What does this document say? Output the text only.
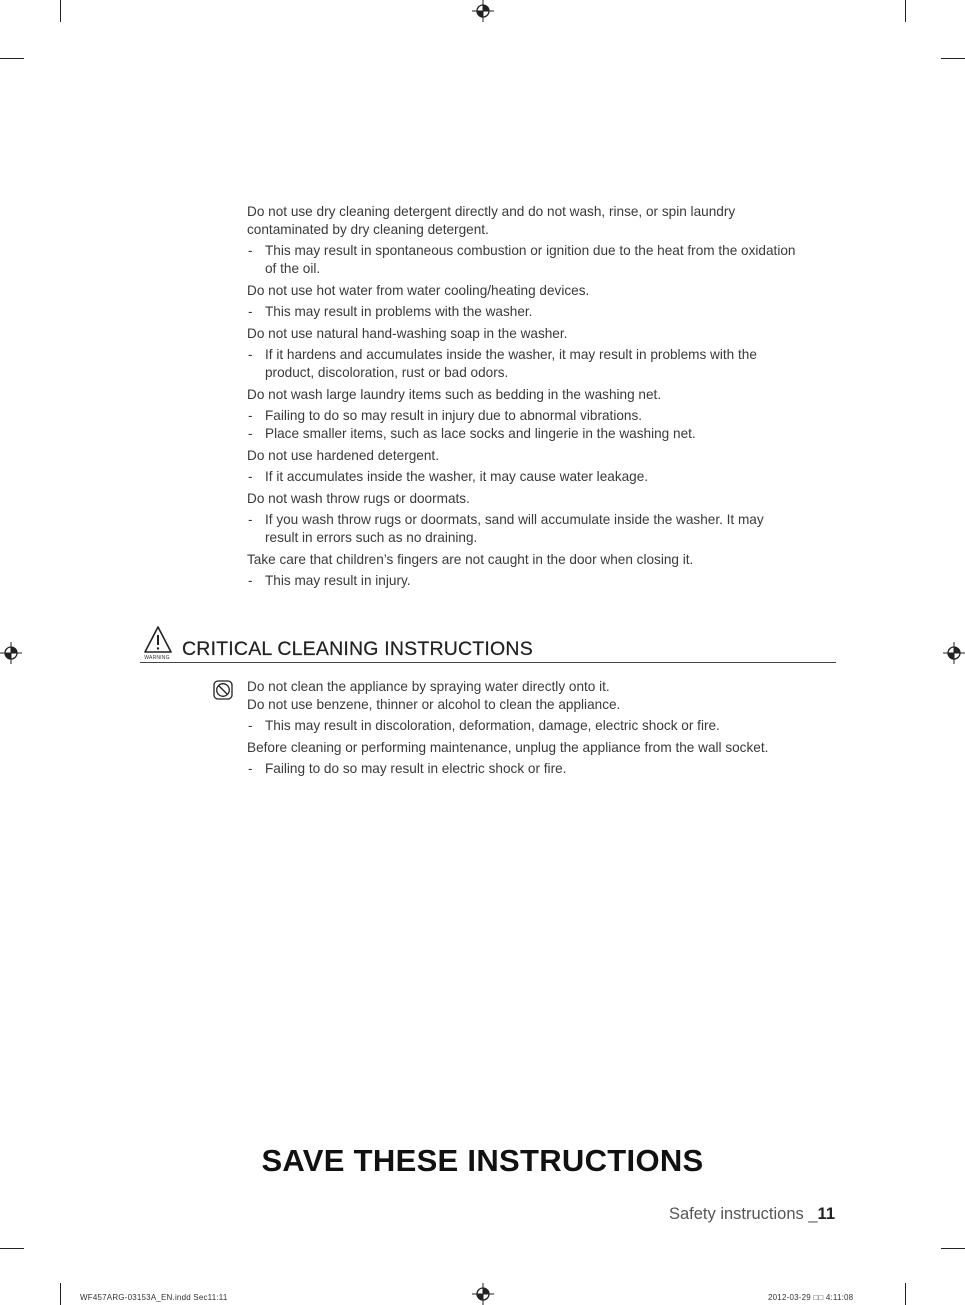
Do not use dry cleaning detergent directly and do not wash, rinse, or spin laundry

contaminated by dry cleaning detergent.

- This may result in spontaneous combustion or ignition due to the heat from the oxidation

of the oil.

Do not use hot water from water cooling/heating devices.

- This may result in problems with the washer.

Do not use natural hand-washing soap in the washer.

- If it hardens and accumulates inside the washer, it may result in problems with the

product, discoloration, rust or bad odors.

Do not wash large laundry items such as bedding in the washing net.

- Failing to do so may result in injury due to abnormal vibrations.

- Place smaller items, such as lace socks and lingerie in the washing net.

Do not use hardened detergent.

- If it accumulates inside the washer, it may cause water leakage.

Do not wash throw rugs or doormats.

- If you wash throw rugs or doormats, sand will accumulate inside the washer. It may

result in errors such as no draining.

Take care that children’s fingers are not caught in the door when closing it.

- This may result in injury.

WARNING CRITICAL CLEANING INSTRUCTIONS

Do not clean the appliance by spraying water directly onto it.

Do not use benzene, thinner or alcohol to clean the appliance.

- This may result in discoloration, deformation, damage, electric shock or fire.

Before cleaning or performing maintenance, unplug the appliance from the wall socket.

- Failing to do so may result in electric shock or fire.

SAVE THESE INSTRUCTIONS
Safety instructions _11
WF457ARG-03153A_EN.indd Sec11:11	2012-03-29 □□ 4:11:08
